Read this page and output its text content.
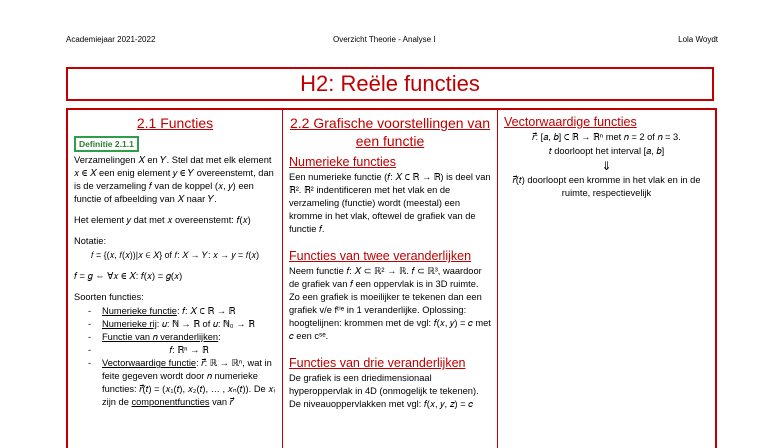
Academiejaar 2021-2022	Overzicht Theorie - Analyse I	Lola Woydt
H2: Reële functies
2.1 Functies
Definitie 2.1.1
Verzamelingen 𝑋 en 𝑌. Stel dat met elk element 𝑥 ∈ 𝑋 een enig element 𝑦 ∈ 𝑌 overeenstemt, dan is de verzameling 𝑓 van de koppel (𝑥, 𝑦) een functie of afbeelding van 𝑋 naar 𝑌.
Het element 𝑦 dat met 𝑥 overeenstemt: 𝑓(𝑥)
Notatie:
𝑓 = {(𝑥, 𝑓(𝑥))|𝑥 ∈ 𝑋} of 𝑓: 𝑋 → 𝑌: 𝑥 → 𝑦 = 𝑓(𝑥)
𝑓 = 𝑔 ⇔ ∀𝑥 ∈ 𝑋: 𝑓(𝑥) = 𝑔(𝑥)
Soorten functies:
- Numerieke functie: 𝑓: 𝑋 ⊂ ℝ → ℝ
- Numerieke rij: 𝑢: ℕ → ℝ of 𝑢: ℕ₀ → ℝ
- Functie van 𝑛 veranderlijken:
- 𝑓: ℝⁿ → ℝ
- Vectorwaardige functie: 𝑟⃗: ℝ → ℝⁿ, wat in feite gegeven wordt door 𝑛 numerieke functies: 𝑟⃗(𝑡) = (𝑥₁(𝑡), 𝑥₂(𝑡), … , 𝑥ₙ(𝑡)). De 𝑥ᵢ zijn de componentfuncties van 𝑟⃗
2.2 Grafische voorstellingen van een functie
Numerieke functies
Een numerieke functie (𝑓: 𝑋 ⊂ ℝ → ℝ) is deel van ℝ². ℝ² indentificeren met het vlak en de verzameling (functie) wordt (meestal) een kromme in het vlak, oftewel de grafiek van de functie 𝑓.
Functies van twee veranderlijken
Neem functie 𝑓: 𝑋 ⊂ ℝ² → ℝ. 𝑓 ⊂ ℝ³, waardoor de grafiek van 𝑓 een oppervlak is in 3D ruimte. Zo een grafiek is moeilijker te tekenen dan een grafiek v/e fᵗⁱᵉ in 1 veranderlijke. Oplossing: hoogtelijnen: krommen met de vgl: 𝑓(𝑥, 𝑦) = 𝑐 met 𝑐 een cˢᵉ.
Functies van drie veranderlijken
De grafiek is een driedimensionaal hyperoppervlak in 4D (onmogelijk te tekenen). De niveauoppervlakken met vgl: 𝑓(𝑥, 𝑦, 𝑧) = 𝑐
Vectorwaardige functies
𝑟⃗: [𝑎, 𝑏] ⊂ ℝ → ℝⁿ met 𝑛 = 2 of 𝑛 = 3.
𝑡 doorloopt het interval [𝑎, 𝑏]
⇓
𝑟⃗(𝑡) doorloopt een kromme in het vlak en in de ruimte, respectievelijk
